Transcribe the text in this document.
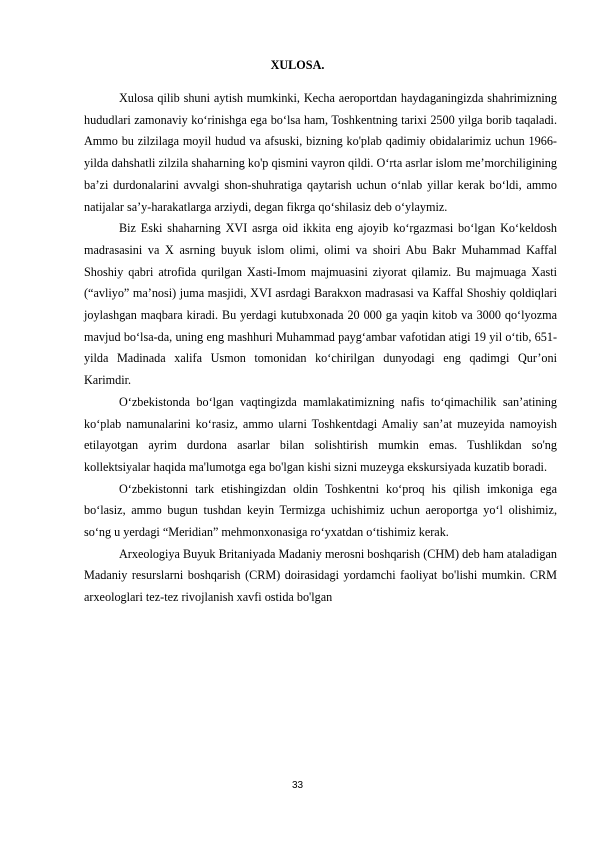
XULOSA.

Xulosa qilib shuni aytish mumkinki, Kecha aeroportdan haydaganingizda shahrimizning hududlari zamonaviy ko‘rinishga ega bo‘lsa ham, Toshkentning tarixi 2500 yilga borib taqaladi. Ammo bu zilzilaga moyil hudud va afsuski, bizning ko'plab qadimiy obidalarimiz uchun 1966-yilda dahshatli zilzila shaharning ko'p qismini vayron qildi. O‘rta asrlar islom me’morchiligining ba’zi durdonalarini avvalgi shon-shuhratiga qaytarish uchun o‘nlab yillar kerak bo‘ldi, ammo natijalar sa’y-harakatlarga arziydi, degan fikrga qo‘shilasiz deb o‘ylaymiz.

Biz Eski shaharning XVI asrga oid ikkita eng ajoyib ko‘rgazmasi bo‘lgan Ko‘keldosh madrasasini va X asrning buyuk islom olimi, olimi va shoiri Abu Bakr Muhammad Kaffal Shoshiy qabri atrofida qurilgan Xasti-Imom majmuasini ziyorat qilamiz. Bu majmuaga Xasti (“avliyo” ma’nosi) juma masjidi, XVI asrdagi Barakxon madrasasi va Kaffal Shoshiy qoldiqlari joylashgan maqbara kiradi. Bu yerdagi kutubxonada 20 000 ga yaqin kitob va 3000 qo‘lyozma mavjud bo‘lsa-da, uning eng mashhuri Muhammad payg‘ambar vafotidan atigi 19 yil o‘tib, 651-yilda Madinada xalifa Usmon tomonidan ko‘chirilgan dunyodagi eng qadimgi Qur’oni Karimdir.

O‘zbekistonda bo‘lgan vaqtingizda mamlakatimizning nafis to‘qimachilik san’atining ko‘plab namunalarini ko‘rasiz, ammo ularni Toshkentdagi Amaliy san’at muzeyida namoyish etilayotgan ayrim durdona asarlar bilan solishtirish mumkin emas. Tushlikdan so'ng kollektsiyalar haqida ma'lumotga ega bo'lgan kishi sizni muzeyga ekskursiyada kuzatib boradi.

O‘zbekistonni tark etishingizdan oldin Toshkentni ko‘proq his qilish imkoniga ega bo‘lasiz, ammo bugun tushdan keyin Termizga uchishimiz uchun aeroportga yo‘l olishimiz, so‘ng u yerdagi “Meridian” mehmonxonasiga ro‘yxatdan o‘tishimiz kerak.

Arxeologiya Buyuk Britaniyada Madaniy merosni boshqarish (CHM) deb ham ataladigan Madaniy resurslarni boshqarish (CRM) doirasidagi yordamchi faoliyat bo'lishi mumkin. CRM arxeologlari tez-tez rivojlanish xavfi ostida bo'lgan

33
